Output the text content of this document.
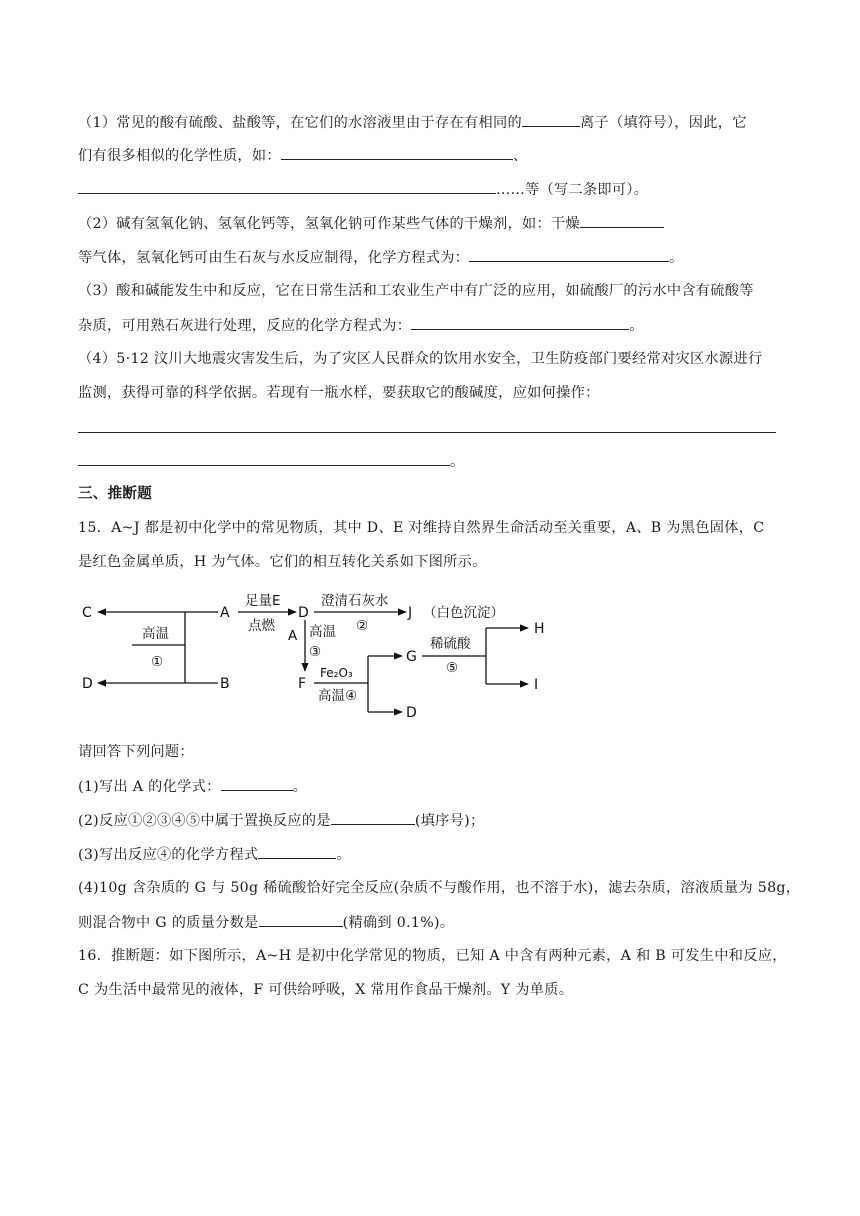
（1）常见的酸有硫酸、盐酸等，在它们的水溶液里由于存在有相同的	离子（填符号），因此，它
们有很多相似的化学性质，如：	、
……等（写二条即可）。
（2）碱有氢氧化钠、氢氧化钙等，氢氧化钠可作某些气体的干燥剂，如：干燥
等气体，氢氧化钙可由生石灰与水反应制得，化学方程式为：	。
（3）酸和碱能发生中和反应，它在日常生活和工农业生产中有广泛的应用，如硫酸厂的污水中含有硫酸等
杂质，可用熟石灰进行处理，反应的化学方程式为：	。
（4）5·12 汶川大地震灾害发生后，为了灾区人民群众的饮用水安全，卫生防疫部门要经常对灾区水源进行
监测，获得可靠的科学依据。若现有一瓶水样，要获取它的酸碱度，应如何操作：
。
三、推断题
15．A~J 都是初中化学中的常见物质，其中 D、E 对维持自然界生命活动至关重要，A、B 为黑色固体，C
是红色金属单质，H 为气体。它们的相互转化关系如下图所示。
C
D
A
B
D
F
J
G
D
H
I
高温
①
足量E
点燃
澄清石灰水
②
（白色沉淀）
A 高温
③
Fe₂O₃
高温④
稀硫酸
⑤
请回答下列问题：
(1)写出 A 的化学式：	。
(2)反应①②③④⑤中属于置换反应的是	(填序号)；
(3)写出反应④的化学方程式	。
(4)10g 含杂质的 G 与 50g 稀硫酸恰好完全反应(杂质不与酸作用，也不溶于水)，滤去杂质，溶液质量为 58g，
则混合物中 G 的质量分数是	(精确到 0.1%)。
16．推断题：如下图所示，A~H 是初中化学常见的物质，已知 A 中含有两种元素，A 和 B 可发生中和反应，
C 为生活中最常见的液体，F 可供给呼吸，X 常用作食品干燥剂。Y 为单质。
